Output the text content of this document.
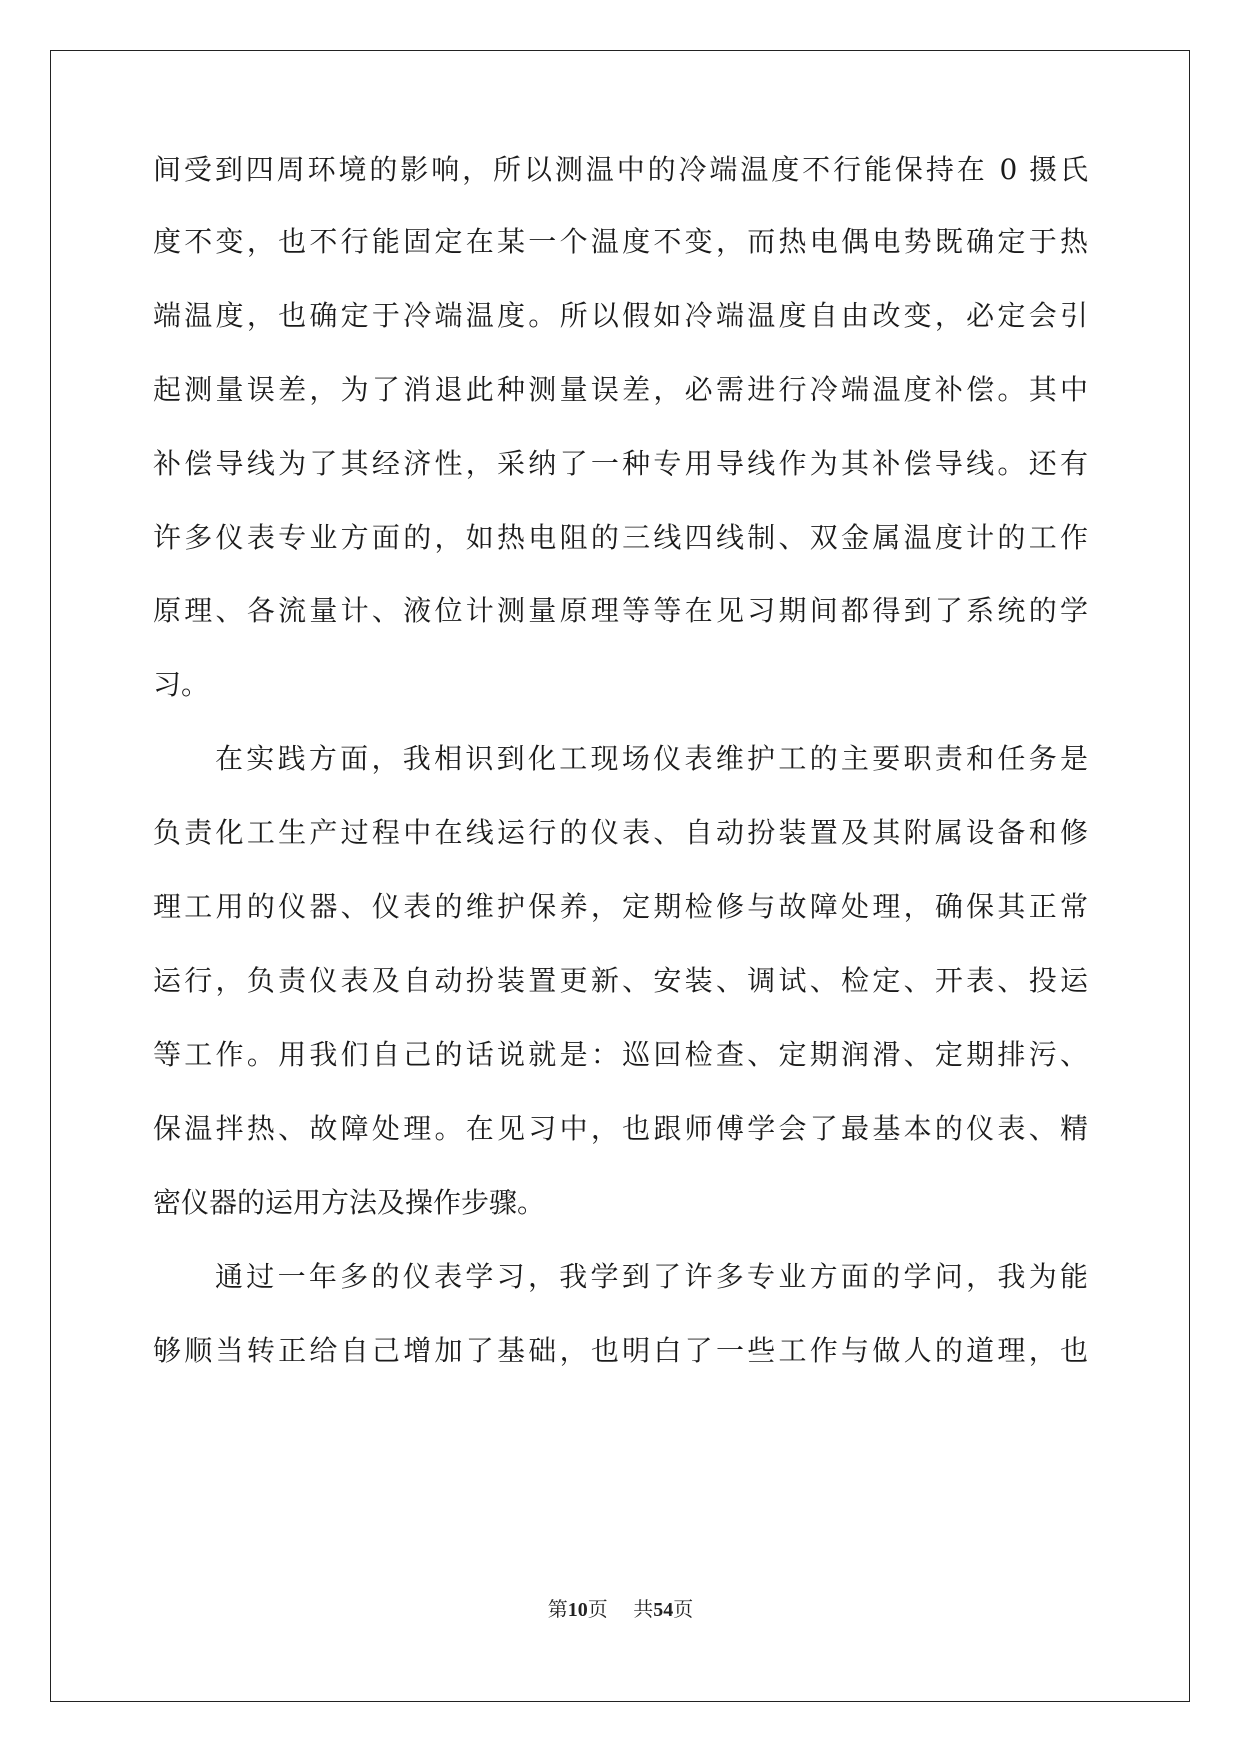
间受到四周环境的影响，所以测温中的冷端温度不行能保持在 0 摄氏
度不变，也不行能固定在某一个温度不变，而热电偶电势既确定于热
端温度，也确定于冷端温度。所以假如冷端温度自由改变，必定会引
起测量误差，为了消退此种测量误差，必需进行冷端温度补偿。其中
补偿导线为了其经济性，采纳了一种专用导线作为其补偿导线。还有
许多仪表专业方面的，如热电阻的三线四线制、双金属温度计的工作
原理、各流量计、液位计测量原理等等在见习期间都得到了系统的学
习。
在实践方面，我相识到化工现场仪表维护工的主要职责和任务是
负责化工生产过程中在线运行的仪表、自动扮装置及其附属设备和修
理工用的仪器、仪表的维护保养，定期检修与故障处理，确保其正常
运行，负责仪表及自动扮装置更新、安装、调试、检定、开表、投运
等工作。用我们自己的话说就是：巡回检查、定期润滑、定期排污、
保温拌热、故障处理。在见习中，也跟师傅学会了最基本的仪表、精
密仪器的运用方法及操作步骤。
通过一年多的仪表学习，我学到了许多专业方面的学问，我为能
够顺当转正给自己增加了基础，也明白了一些工作与做人的道理，也
第10页    共54页
